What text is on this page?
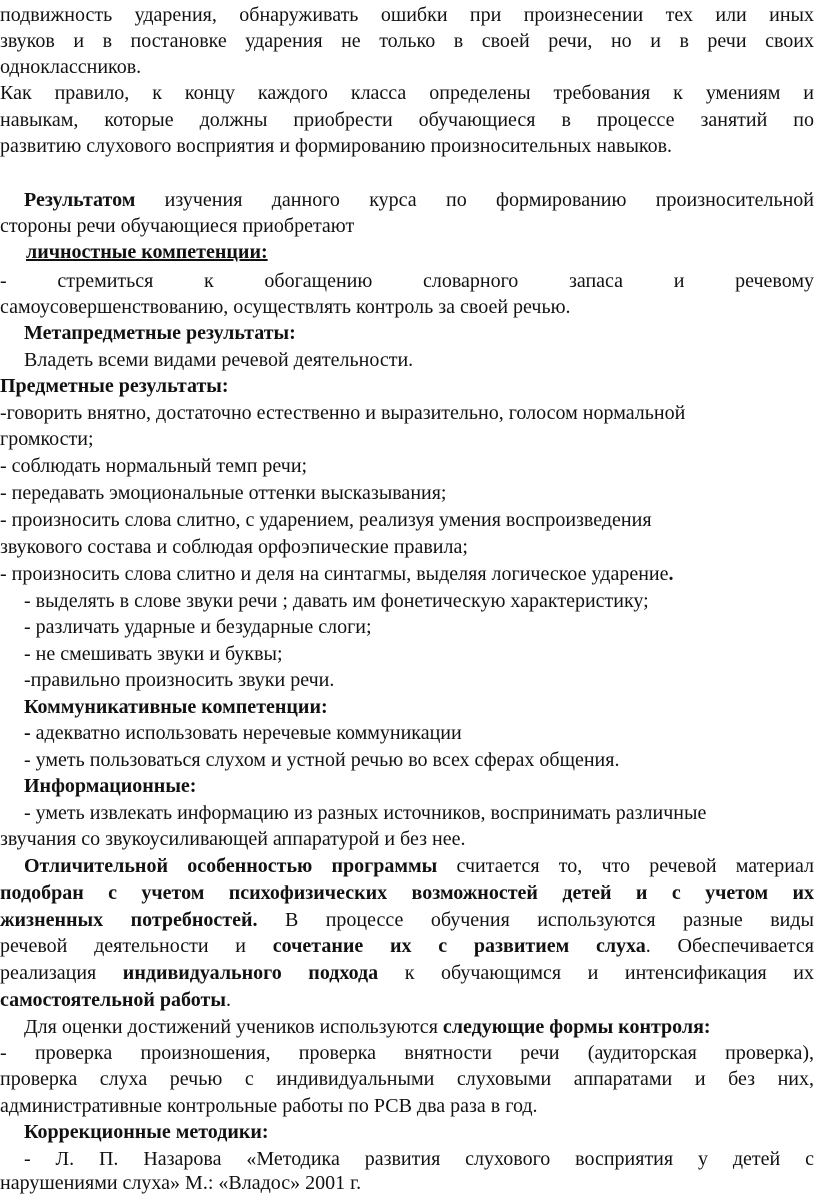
подвижность ударения, обнаруживать ошибки при произнесении тех или иных
звуков и в постановке ударения не только в своей речи, но и в речи своих
одноклассников.
Как правило, к концу каждого класса определены требования к умениям и
навыкам, которые должны приобрести обучающиеся в процессе занятий по
развитию слухового восприятия и формированию произносительных навыков.
Результатом изучения данного курса по формированию произносительной
стороны речи обучающиеся приобретают
личностные компетенции:
- стремиться к обогащению словарного запаса и речевому
самоусовершенствованию, осуществлять контроль за своей речью.
Метапредметные результаты:
Владеть всеми видами речевой деятельности.
Предметные результаты:
-говорить внятно, достаточно естественно и выразительно, голосом нормальной
громкости;
- соблюдать нормальный темп речи;
- передавать эмоциональные оттенки высказывания;
- произносить слова слитно, с ударением, реализуя умения воспроизведения
звукового состава и соблюдая орфоэпические правила;
- произносить слова слитно и деля на синтагмы, выделяя логическое ударение.
- выделять в слове звуки речи ; давать им фонетическую характеристику;
- различать ударные и безударные слоги;
- не смешивать звуки и буквы;
-правильно произносить звуки речи.
Коммуникативные компетенции:
- адекватно использовать неречевые коммуникации
- уметь пользоваться слухом и устной речью во всех сферах общения.
Информационные:
- уметь извлекать информацию из разных источников, воспринимать различные
звучания со звукоусиливающей аппаратурой и без нее.
Отличительной особенностью программы считается то, что речевой материал
подобран с учетом психофизических возможностей детей и с учетом их
жизненных потребностей. В процессе обучения используются разные виды
речевой деятельности и сочетание их с развитием слуха. Обеспечивается
реализация индивидуального подхода к обучающимся и интенсификация их
самостоятельной работы.
Для оценки достижений учеников используются следующие формы контроля:
- проверка произношения, проверка внятности речи (аудиторская проверка),
проверка слуха речью с индивидуальными слуховыми аппаратами и без них,
административные контрольные работы по РСВ два раза в год.
Коррекционные методики:
- Л. П. Назарова «Методика развития слухового восприятия у детей с
нарушениями слуха» М.: «Владос» 2001 г.
